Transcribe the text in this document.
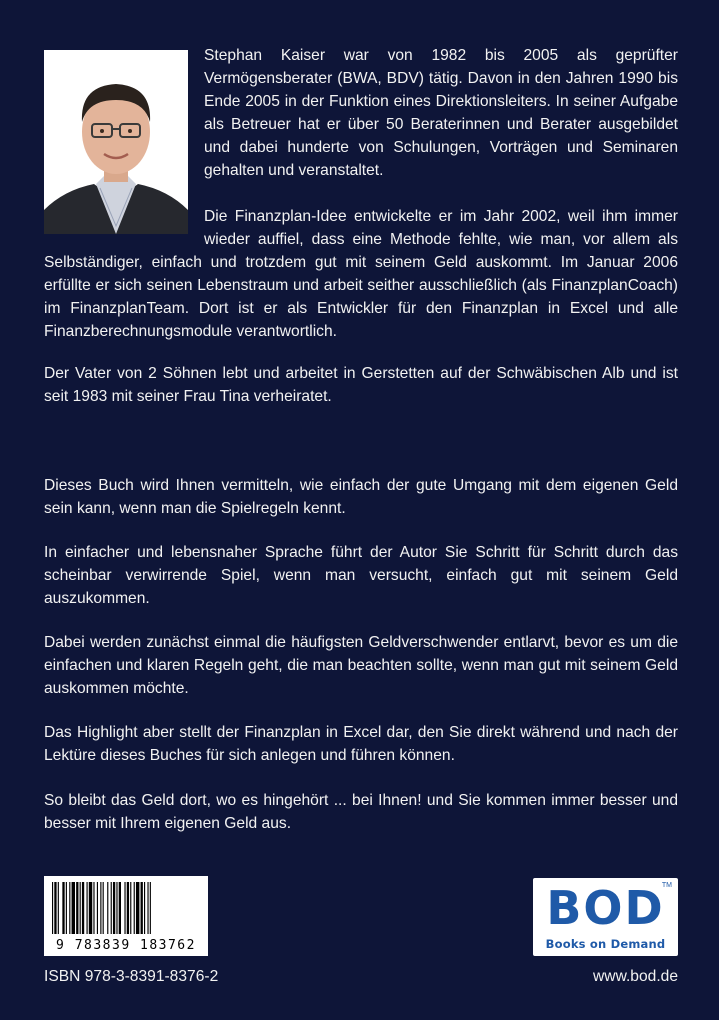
Stephan Kaiser war von 1982 bis 2005 als geprüfter Vermögensberater (BWA, BDV) tätig. Davon in den Jahren 1990 bis Ende 2005 in der Funktion eines Direktionsleiters. In seiner Aufgabe als Betreuer hat er über 50 Beraterinnen und Berater ausgebildet und dabei hunderte von Schulungen, Vorträgen und Seminaren gehalten und veranstaltet.

Die Finanzplan-Idee entwickelte er im Jahr 2002, weil ihm immer wieder auffiel, dass eine Methode fehlte, wie man, vor allem als Selbständiger, einfach und trotzdem gut mit seinem Geld auskommt. Im Januar 2006 erfüllte er sich seinen Lebenstraum und arbeit seither ausschließlich (als FinanzplanCoach) im FinanzplanTeam. Dort ist er als Entwickler für den Finanzplan in Excel und alle Finanzberechnungsmodule verantwortlich.

Der Vater von 2 Söhnen lebt und arbeitet in Gerstetten auf der Schwäbischen Alb und ist seit 1983 mit seiner Frau Tina verheiratet.

Dieses Buch wird Ihnen vermitteln, wie einfach der gute Umgang mit dem eigenen Geld sein kann, wenn man die Spielregeln kennt.

In einfacher und lebensnaher Sprache führt der Autor Sie Schritt für Schritt durch das scheinbar verwirrende Spiel, wenn man versucht, einfach gut mit seinem Geld auszukommen.

Dabei werden zunächst einmal die häufigsten Geldverschwender entlarvt, bevor es um die einfachen und klaren Regeln geht, die man beachten sollte, wenn man gut mit seinem Geld auskommen möchte.

Das Highlight aber stellt der Finanzplan in Excel dar, den Sie direkt während und nach der Lektüre dieses Buches für sich anlegen und führen können.

So bleibt das Geld dort, wo es hingehört ... bei Ihnen! und Sie kommen immer besser und besser mit Ihrem eigenen Geld aus.

9 783839 183762
BOD
TM
Books on Demand
ISBN 978-3-8391-8376-2	www.bod.de
